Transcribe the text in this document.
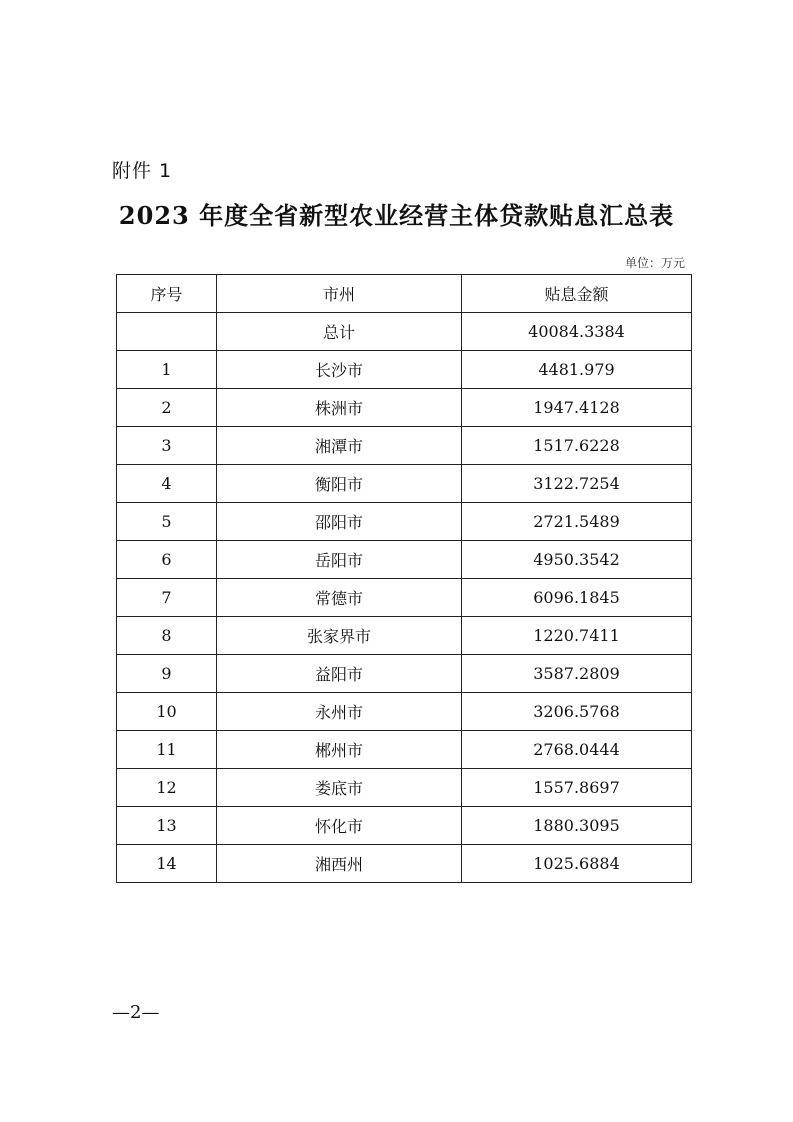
附件 1
2023 年度全省新型农业经营主体贷款贴息汇总表
单位：万元
序号	市州	贴息金额
	总计	40084.3384
1	长沙市	4481.979
2	株洲市	1947.4128
3	湘潭市	1517.6228
4	衡阳市	3122.7254
5	邵阳市	2721.5489
6	岳阳市	4950.3542
7	常德市	6096.1845
8	张家界市	1220.7411
9	益阳市	3587.2809
10	永州市	3206.5768
11	郴州市	2768.0444
12	娄底市	1557.8697
13	怀化市	1880.3095
14	湘西州	1025.6884
—2—
